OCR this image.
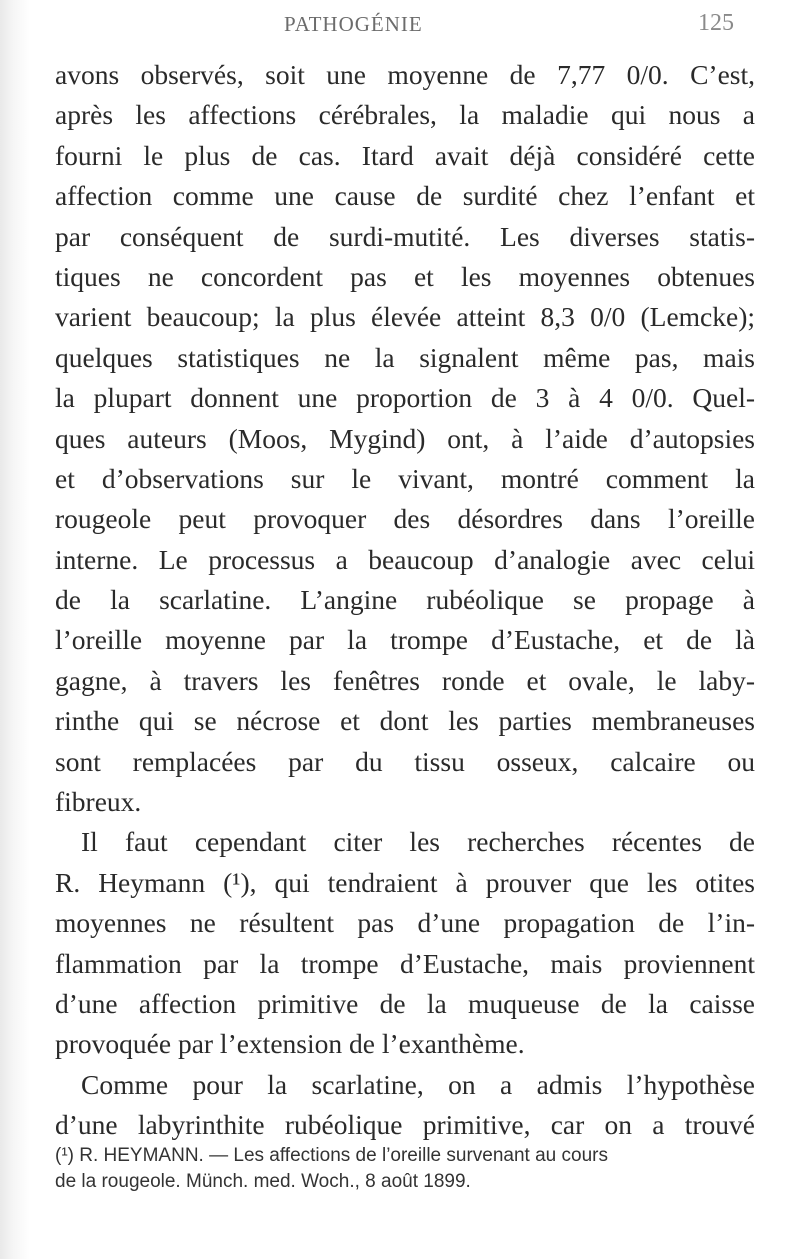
PATHOGÉNIE	125
avons observés, soit une moyenne de 7,77 0/0. C’est,
après les affections cérébrales, la maladie qui nous a
fourni le plus de cas. Itard avait déjà considéré cette
affection comme une cause de surdité chez l’enfant et
par conséquent de surdi-mutité. Les diverses statis-
tiques ne concordent pas et les moyennes obtenues
varient beaucoup; la plus élevée atteint 8,3 0/0 (Lemcke);
quelques statistiques ne la signalent même pas, mais
la plupart donnent une proportion de 3 à 4 0/0. Quel-
ques auteurs (Moos, Mygind) ont, à l’aide d’autopsies
et d’observations sur le vivant, montré comment la
rougeole peut provoquer des désordres dans l’oreille
interne. Le processus a beaucoup d’analogie avec celui
de la scarlatine. L’angine rubéolique se propage à
l’oreille moyenne par la trompe d’Eustache, et de là
gagne, à travers les fenêtres ronde et ovale, le laby-
rinthe qui se nécrose et dont les parties membraneuses
sont remplacées par du tissu osseux, calcaire ou
fibreux.
Il faut cependant citer les recherches récentes de
R. Heymann (¹), qui tendraient à prouver que les otites
moyennes ne résultent pas d’une propagation de l’in-
flammation par la trompe d’Eustache, mais proviennent
d’une affection primitive de la muqueuse de la caisse
provoquée par l’extension de l’exanthème.
Comme pour la scarlatine, on a admis l’hypothèse
d’une labyrinthite rubéolique primitive, car on a trouvé
(¹) R. HEYMANN. — Les affections de l’oreille survenant au cours
de la rougeole. Münch. med. Woch., 8 août 1899.
